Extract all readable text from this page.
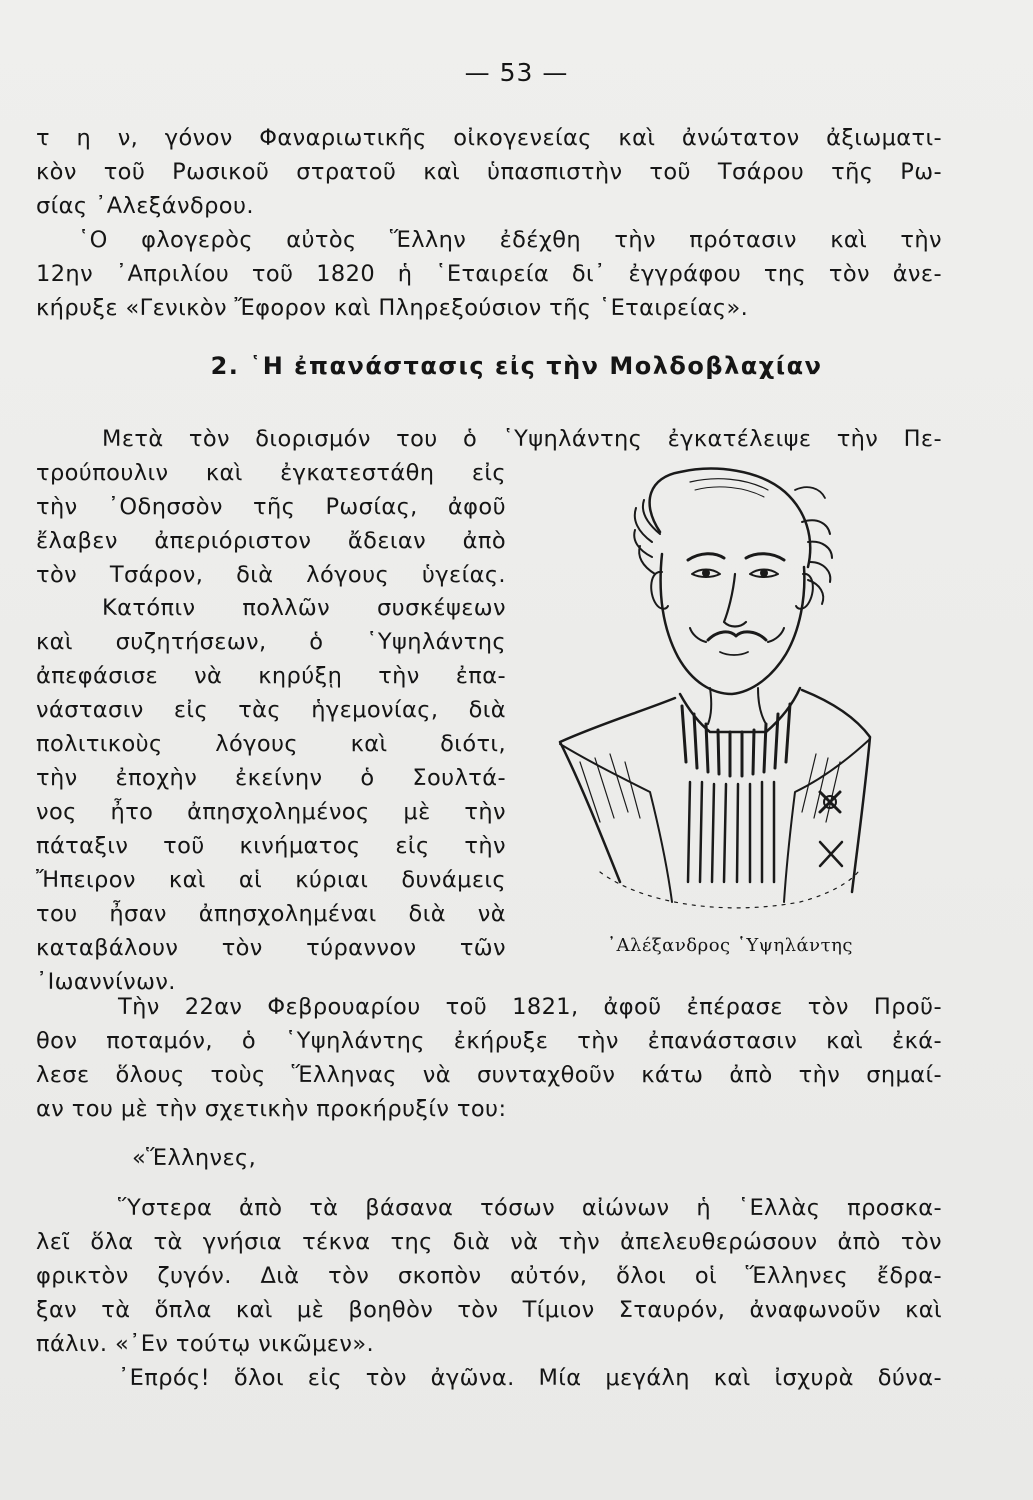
— 53 —
τ η ν, γόνον Φαναριωτικῆς οἰκογενείας καὶ ἀνώτατον ἀξιωματι-
κὸν τοῦ Ρωσικοῦ στρατοῦ καὶ ὑπασπιστὴν τοῦ Τσάρου τῆς Ρω-
σίας ᾿Αλεξάνδρου.
῾Ο φλογερὸς αὐτὸς Ἕλλην ἐδέχθη τὴν πρότασιν καὶ τὴν
12ην ᾿Απριλίου τοῦ 1820 ἡ ῾Εταιρεία δι᾿ ἐγγράφου της τὸν ἀνε-
κήρυξε «Γενικὸν Ἔφορον καὶ Πληρεξούσιον τῆς ῾Εταιρείας».
2. ῾Η ἐπανάστασις εἰς τὴν Μολδοβλαχίαν
Μετὰ τὸν διορισμόν του ὁ ῾Υψηλάντης ἐγκατέλειψε τὴν Πε-
τρούπουλιν καὶ ἐγκατεστάθη εἰς
τὴν ᾿Οδησσὸν τῆς Ρωσίας, ἀφοῦ
ἔλαβεν ἀπεριόριστον ἄδειαν ἀπὸ
τὸν Τσάρον, διὰ λόγους ὑγείας.
Κατόπιν πολλῶν συσκέψεων
καὶ συζητήσεων, ὁ ῾Υψηλάντης
ἀπεφάσισε νὰ κηρύξῃ τὴν ἐπα-
νάστασιν εἰς τὰς ἡγεμονίας, διὰ
πολιτικοὺς λόγους καὶ διότι,
τὴν ἐποχὴν ἐκείνην ὁ Σουλτά-
νος ἦτο ἀπησχολημένος μὲ τὴν
πάταξιν τοῦ κινήματος εἰς τὴν
Ἤπειρον καὶ αἱ κύριαι δυνάμεις
του ἦσαν ἀπησχολημέναι διὰ νὰ
καταβάλουν τὸν τύραννον τῶν
᾿Ιωαννίνων.
᾿Αλέξανδρος ῾Υψηλάντης
Τὴν 22αν Φεβρουαρίου τοῦ 1821, ἀφοῦ ἐπέρασε τὸν Προῦ-
θον ποταμόν, ὁ ῾Υψηλάντης ἐκήρυξε τὴν ἐπανάστασιν καὶ ἐκά-
λεσε ὅλους τοὺς Ἕλληνας νὰ συνταχθοῦν κάτω ἀπὸ τὴν σημαί-
αν του μὲ τὴν σχετικὴν προκήρυξίν του:
«Ἕλληνες,
Ὕστερα ἀπὸ τὰ βάσανα τόσων αἰώνων ἡ ῾Ελλὰς προσκα-
λεῖ ὅλα τὰ γνήσια τέκνα της διὰ νὰ τὴν ἀπελευθερώσουν ἀπὸ τὸν
φρικτὸν ζυγόν. Διὰ τὸν σκοπὸν αὐτόν, ὅλοι οἱ Ἕλληνες ἔδρα-
ξαν τὰ ὅπλα καὶ μὲ βοηθὸν τὸν Τίμιον Σταυρόν, ἀναφωνοῦν καὶ
πάλιν. «᾿Εν τούτῳ νικῶμεν».
᾿Επρός! ὅλοι εἰς τὸν ἀγῶνα. Μία μεγάλη καὶ ἰσχυρὰ δύνα-
